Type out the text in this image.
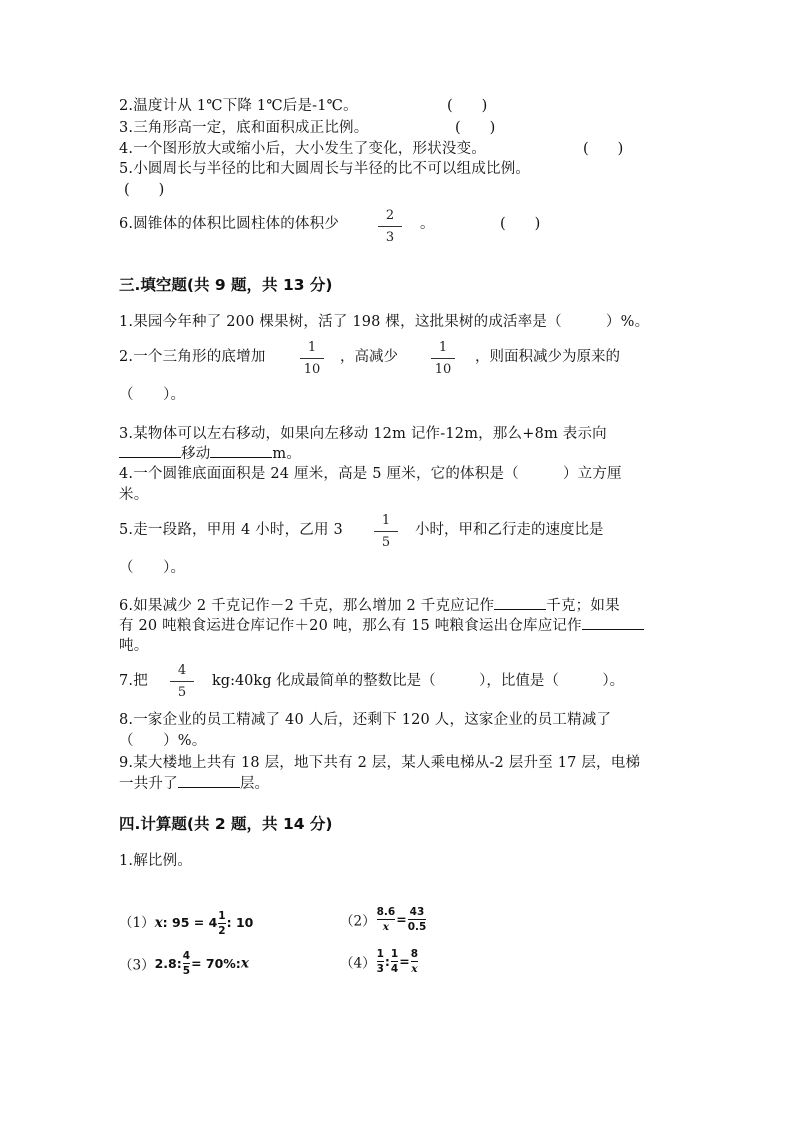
2.温度计从 1℃下降 1℃后是-1℃。	(　　)
3.三角形高一定，底和面积成正比例。	(　　)
4.一个图形放大或缩小后，大小发生了变化，形状没变。	(　　)
5.小圆周长与半径的比和大圆周长与半径的比不可以组成比例。
(　　)
6.圆锥体的体积比圆柱体的体积少
2
3
。	(　　)
三.填空题(共 9 题，共 13 分)
1.果园今年种了 200 棵果树，活了 198 棵，这批果树的成活率是（　　　）%。
2.一个三角形的底增加
1
10
，高减少
1
10
，则面积减少为原来的
（　　）。
3.某物体可以左右移动，如果向左移动 12m 记作-12m，那么+8m 表示向
移动	m。
4.一个圆锥底面面积是 24 厘米，高是 5 厘米，它的体积是（　　　）立方厘
米。
5.走一段路，甲用 4 小时，乙用 3
1
5
小时，甲和乙行走的速度比是
（　　）。
6.如果减少 2 千克记作－2 千克，那么增加 2 千克应记作	千克；如果
有 20 吨粮食运进仓库记作＋20 吨，那么有 15 吨粮食运出仓库应记作
吨。
7.把
4
5
kg:40kg 化成最简单的整数比是（　　　），比值是（　　　）。
8.一家企业的员工精减了 40 人后，还剩下 120 人，这家企业的员工精减了
（　　）%。
9.某大楼地上共有 18 层，地下共有 2 层，某人乘电梯从-2 层升至 17 层，电梯
一共升了	层。
四.计算题(共 2 题，共 14 分)
1.解比例。
（1）x: $95 = 4 \frac{1}{2}$ : 10	$(2) \frac{8.6}{x} = \frac{43}{0.5}$
（3）2.8: $\frac{4}{5}$ = 70%:x	$(4) \frac{1}{3}$ : $\frac{1}{4} = \frac{8}{x}$
